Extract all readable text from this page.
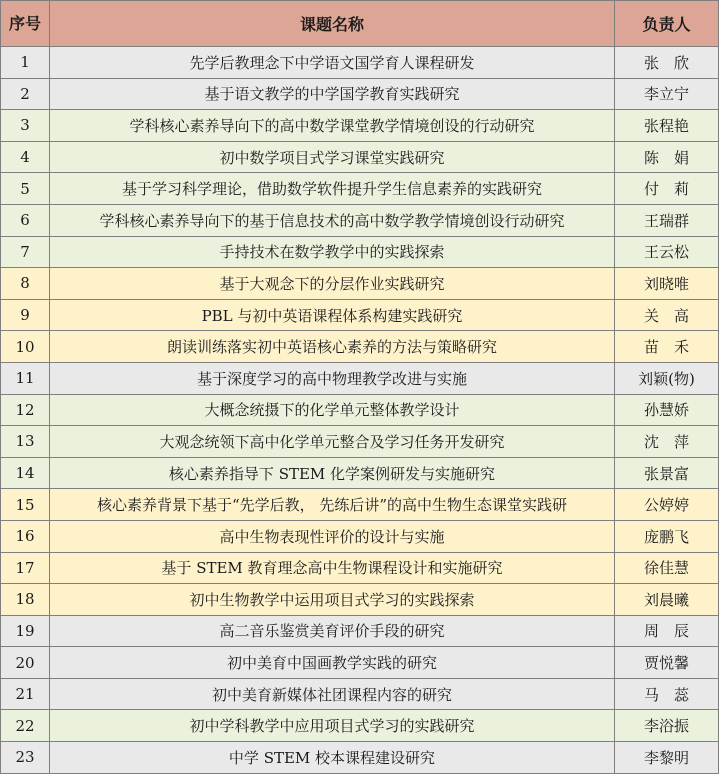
序号	课题名称	负责人
1	先学后教理念下中学语文国学育人课程研发	张　欣
2	基于语文教学的中学国学教育实践研究	李立宁
3	学科核心素养导向下的高中数学课堂教学情境创设的行动研究	张程艳
4	初中数学项目式学习课堂实践研究	陈　娟
5	基于学习科学理论，借助数学软件提升学生信息素养的实践研究	付　莉
6	学科核心素养导向下的基于信息技术的高中数学教学情境创设行动研究	王瑞群
7	手持技术在数学教学中的实践探索	王云松
8	基于大观念下的分层作业实践研究	刘晓唯
9	PBL 与初中英语课程体系构建实践研究	关　高
10	朗读训练落实初中英语核心素养的方法与策略研究	苗　禾
11	基于深度学习的高中物理教学改进与实施	刘颖(物)
12	大概念统摄下的化学单元整体教学设计	孙慧娇
13	大观念统领下高中化学单元整合及学习任务开发研究	沈　萍
14	核心素养指导下 STEM 化学案例研发与实施研究	张景富
15	核心素养背景下基于“先学后教， 先练后讲”的高中生物生态课堂实践研	公婷婷
16	高中生物表现性评价的设计与实施	庞鹏飞
17	基于 STEM 教育理念高中生物课程设计和实施研究	徐佳慧
18	初中生物教学中运用项目式学习的实践探索	刘晨曦
19	高二音乐鉴赏美育评价手段的研究	周　辰
20	初中美育中国画教学实践的研究	贾悦馨
21	初中美育新媒体社团课程内容的研究	马　蕊
22	初中学科教学中应用项目式学习的实践研究	李浴振
23	中学 STEM 校本课程建设研究	李黎明
